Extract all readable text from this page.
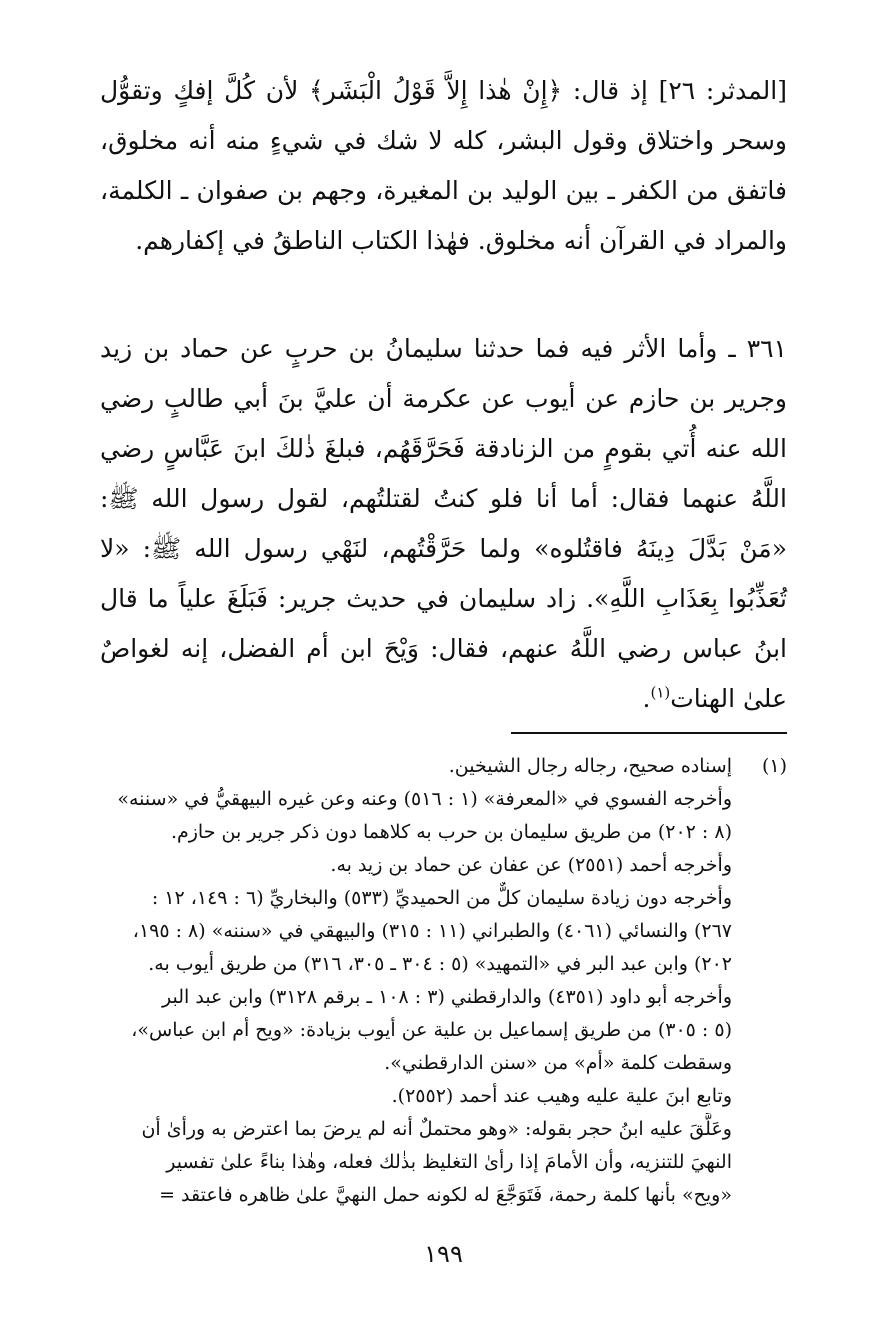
[المدثر: ٢٦] إذ قال: ﴿إِنْ هٰذا إِلاَّ قَوْلُ الْبَشَر﴾ لأن كُلَّ إفكٍ وتقوُّل وسحر واختلاق وقول البشر، كله لا شك في شيءٍ منه أنه مخلوق، فاتفق من الكفر ـ بين الوليد بن المغيرة، وجهم بن صفوان ـ الكلمة، والمراد في القرآن أنه مخلوق. فهٰذا الكتاب الناطقُ في إكفارهم.

٣٦١ ـ وأما الأثر فيه فما حدثنا سليمانُ بن حربٍ عن حماد بن زيد وجرير بن حازم عن أيوب عن عكرمة أن عليَّ بنَ أبي طالبٍ رضي الله عنه أُتي بقومٍ من الزنادقة فَحَرَّقَهُم، فبلغَ ذٰلكَ ابنَ عَبَّاسٍ رضي اللَّهُ عنهما فقال: أما أنا فلو كنتُ لقتلتُهم، لقول رسول الله ﷺ: «مَنْ بَدَّلَ دِينَهُ فاقتُلوه» ولما حَرَّقْتُهم، لنَهْي رسول الله ﷺ: «لا تُعَذِّبُوا بِعَذَابِ اللَّهِ». زاد سليمان في حديث جرير: فَبَلَغَ علياً ما قال ابنُ عباس رضي اللَّهُ عنهم، فقال: وَيْحَ ابن أم الفضل، إنه لغواصٌ علىٰ الهنات$^{(١)}$.

(١)
إسناده صحيح، رجاله رجال الشيخين.
وأخرجه الفسوي في «المعرفة» (١ : ٥١٦) وعنه وعن غيره البيهقيُّ في «سننه»
(٨ : ٢٠٢) من طريق سليمان بن حرب به كلاهما دون ذكر جرير بن حازم.
وأخرجه أحمد (٢٥٥١) عن عفان عن حماد بن زيد به.
وأخرجه دون زيادة سليمان كلٌّ من الحميديِّ (٥٣٣) والبخاريِّ (٦ : ١٤٩، ١٢ :
٢٦٧) والنسائي (٤٠٦١) والطبراني (١١ : ٣١٥) والبيهقي في «سننه» (٨ : ١٩٥،
٢٠٢) وابن عبد البر في «التمهيد» (٥ : ٣٠٤ ـ ٣٠٥، ٣١٦) من طريق أيوب به.
وأخرجه أبو داود (٤٣٥١) والدارقطني (٣ : ١٠٨ ـ برقم ٣١٢٨) وابن عبد البر
(٥ : ٣٠٥) من طريق إسماعيل بن علية عن أيوب بزيادة: «ويح أم ابن عباس»،
وسقطت كلمة «أم» من «سنن الدارقطني».
وتابع ابنَ علية عليه وهيب عند أحمد (٢٥٥٢).
وعَلَّقَ عليه ابنُ حجر بقوله: «وهو محتملٌ أنه لم يرضَ بما اعترض به ورأىٰ أن
النهيَ للتنزيه، وأن الأمامَ إذا رأىٰ التغليظ بذٰلك فعله، وهٰذا بناءً علىٰ تفسير
«ويح» بأنها كلمة رحمة، فَتَوَجَّعَ له لكونه حمل النهيَّ علىٰ ظاهره فاعتقد =
١٩٩
